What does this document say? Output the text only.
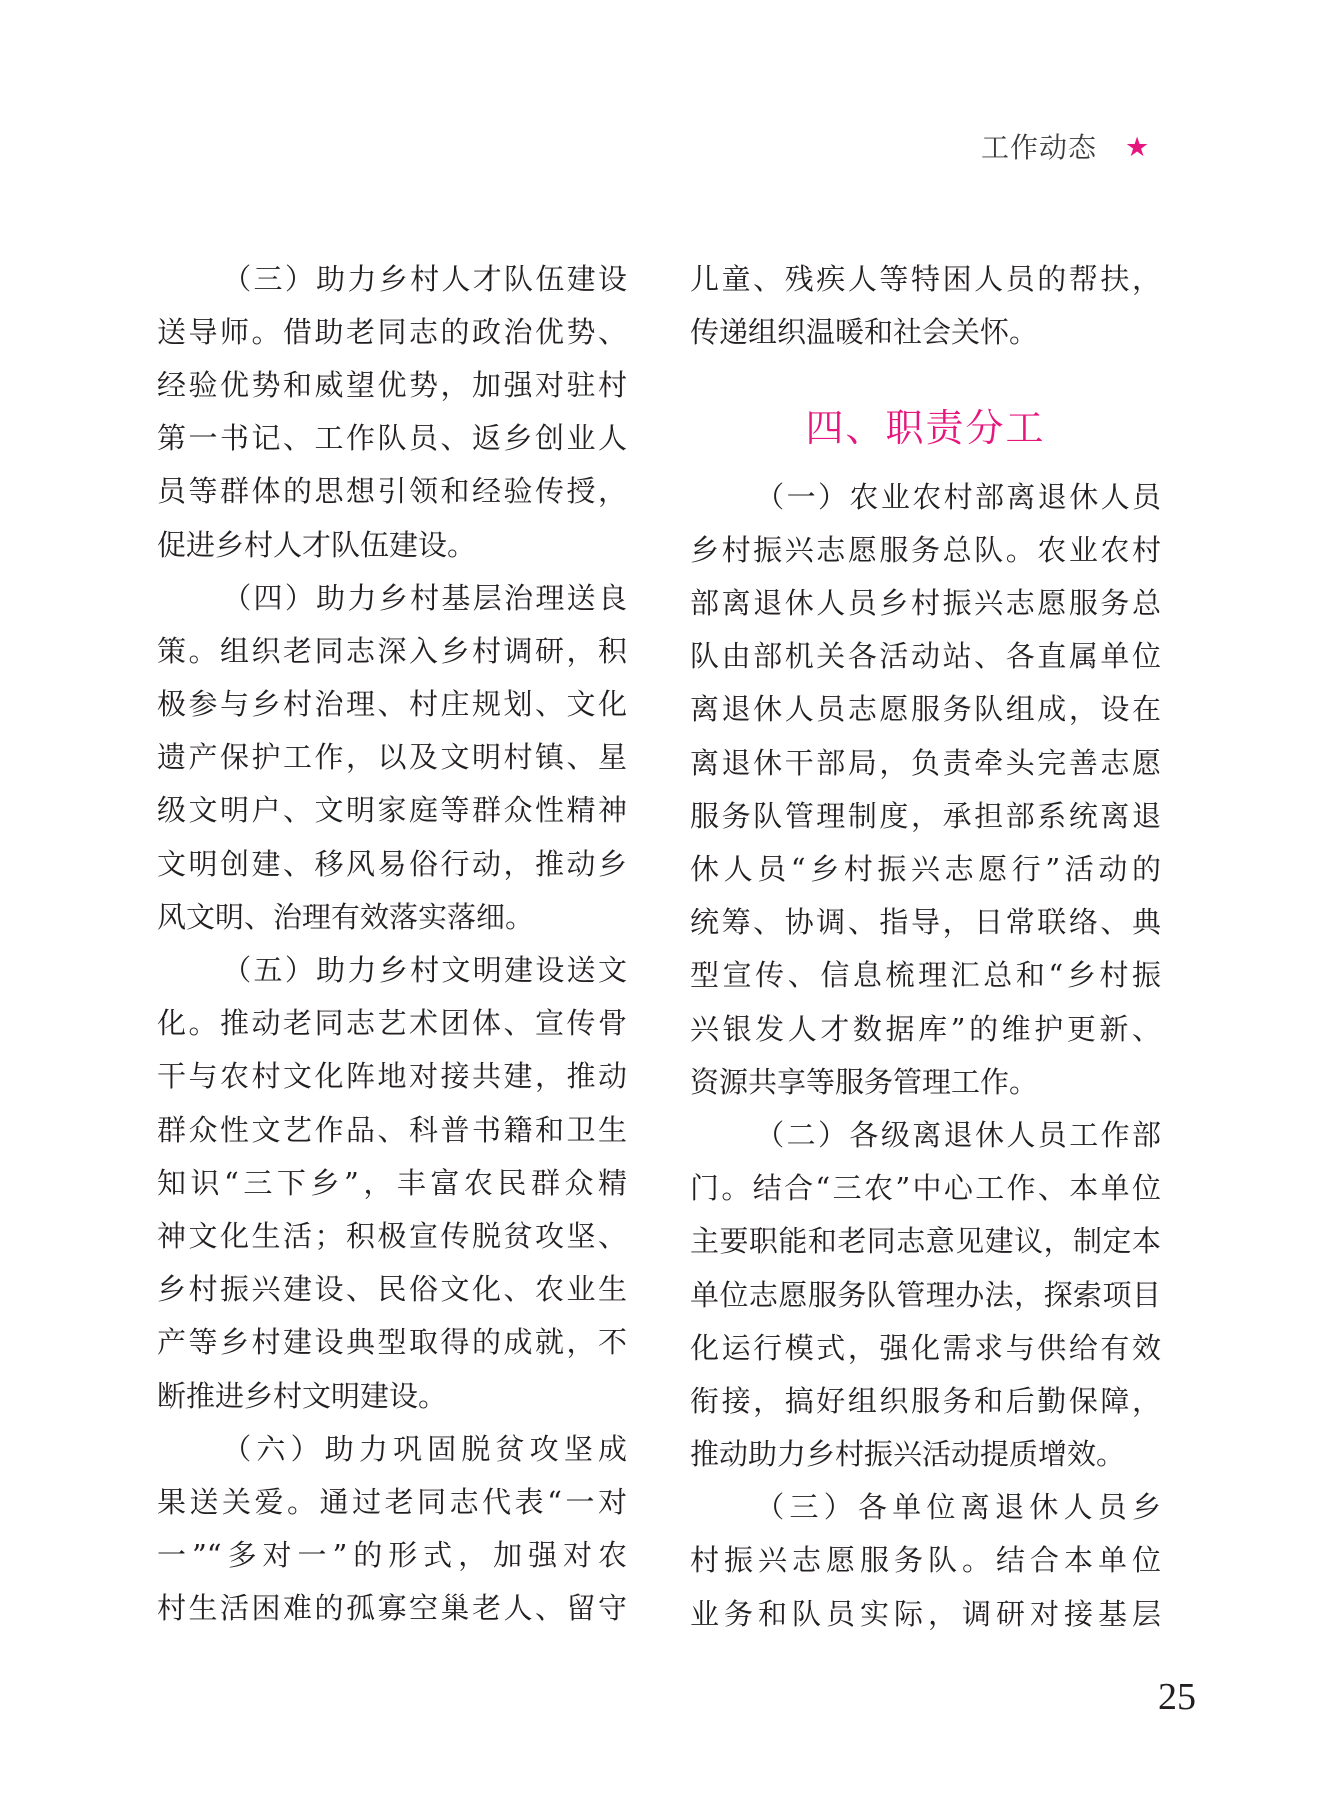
工作动态 ★
（三）助力乡村人才队伍建设
送导师。借助老同志的政治优势、
经验优势和威望优势，加强对驻村
第一书记、工作队员、返乡创业人
员等群体的思想引领和经验传授，
促进乡村人才队伍建设。
（四）助力乡村基层治理送良
策。组织老同志深入乡村调研，积
极参与乡村治理、村庄规划、文化
遗产保护工作，以及文明村镇、星
级文明户、文明家庭等群众性精神
文明创建、移风易俗行动，推动乡
风文明、治理有效落实落细。
（五）助力乡村文明建设送文
化。推动老同志艺术团体、宣传骨
干与农村文化阵地对接共建，推动
群众性文艺作品、科普书籍和卫生
知识“三下乡”，丰富农民群众精
神文化生活；积极宣传脱贫攻坚、
乡村振兴建设、民俗文化、农业生
产等乡村建设典型取得的成就，不
断推进乡村文明建设。
（六）助力巩固脱贫攻坚成
果送关爱。通过老同志代表“一对
一”“多对一”的形式，加强对农
村生活困难的孤寡空巢老人、留守
儿童、残疾人等特困人员的帮扶，
传递组织温暖和社会关怀。
四、职责分工
（一）农业农村部离退休人员
乡村振兴志愿服务总队。农业农村
部离退休人员乡村振兴志愿服务总
队由部机关各活动站、各直属单位
离退休人员志愿服务队组成，设在
离退休干部局，负责牵头完善志愿
服务队管理制度，承担部系统离退
休人员“乡村振兴志愿行”活动的
统筹、协调、指导，日常联络、典
型宣传、信息梳理汇总和“乡村振
兴银发人才数据库”的维护更新、
资源共享等服务管理工作。
（二）各级离退休人员工作部
门。结合“三农”中心工作、本单位
主要职能和老同志意见建议，制定本
单位志愿服务队管理办法，探索项目
化运行模式，强化需求与供给有效
衔接，搞好组织服务和后勤保障，
推动助力乡村振兴活动提质增效。
（三）各单位离退休人员乡
村振兴志愿服务队。结合本单位
业务和队员实际，调研对接基层
25
